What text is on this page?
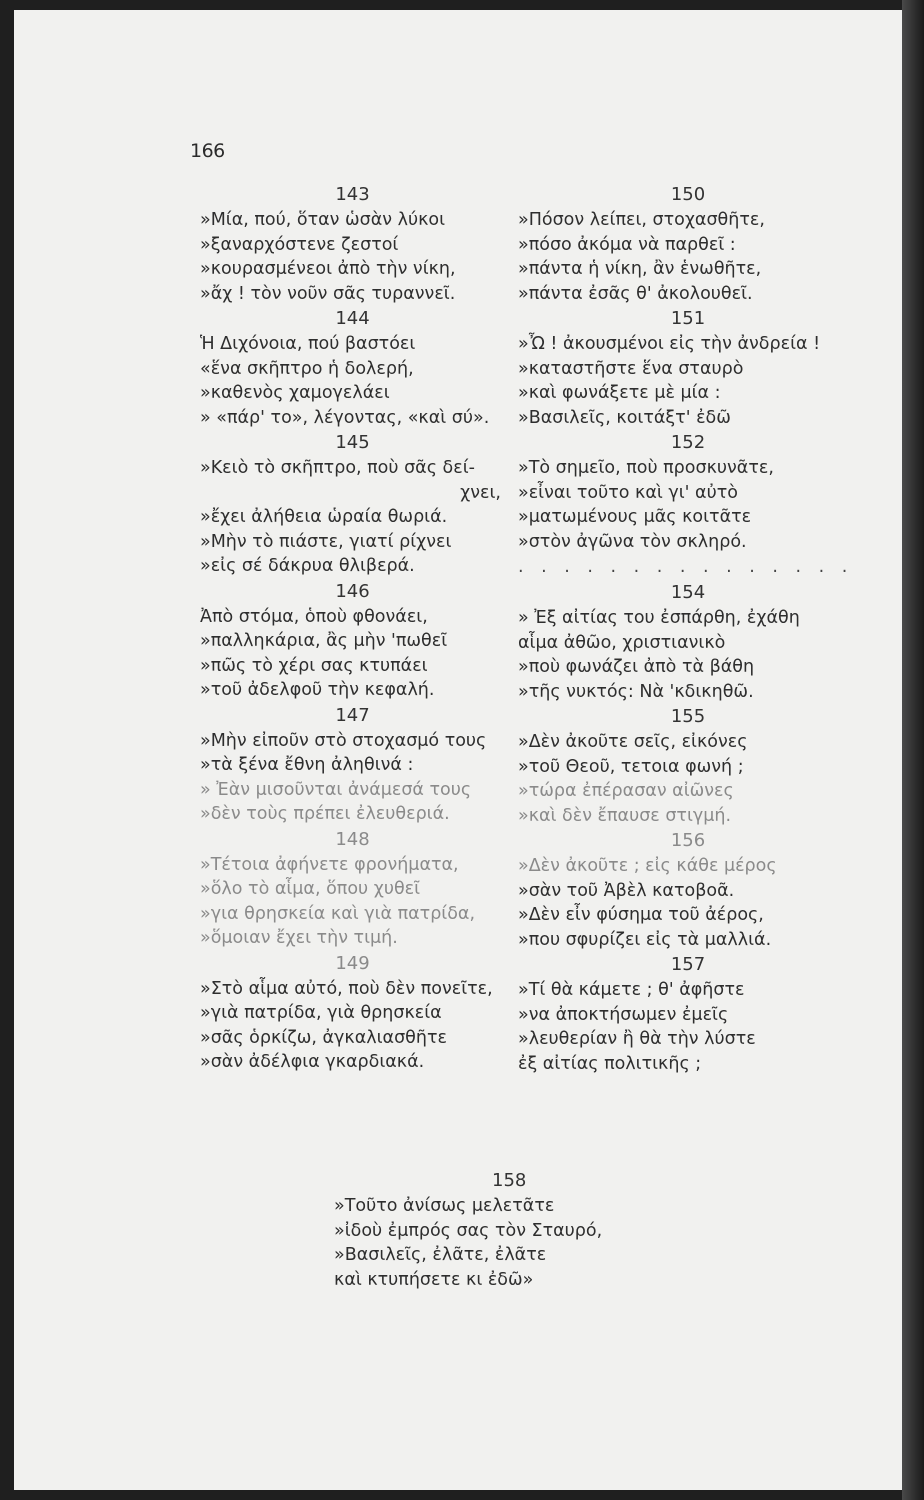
166
143
»Μία, πού, ὅταν ὡσὰν λύκοι
»ξαναρχόστενε ζεστοί
»κουρασμένεοι ἀπὸ τὴν νίκη,
»ἄχ ! τὸν νοῦν σᾶς τυραννεῖ.
144
Ἡ Διχόνοια, πού βαστόει
«ἕνα σκῆπτρο ἡ δολερή,
»καθενὸς χαμογελάει
» «πάρ' το», λέγοντας, «καὶ σύ».
145
»Κειὸ τὸ σκῆπτρο, ποὺ σᾶς δεί-
χνει,
»ἔχει ἀλήθεια ὡραία θωριά.
»Μὴν τὸ πιάστε, γιατί ρίχνει
»εἰς σέ δάκρυα θλιβερά.
146
Ἀπὸ στόμα, ὁποὺ φθονάει,
»παλληκάρια, ἂς μὴν 'πωθεῖ
»πῶς τὸ χέρι σας κτυπάει
»τοῦ ἀδελφοῦ τὴν κεφαλή.
147
»Μὴν εἰποῦν στὸ στοχασμό τους
»τὰ ξένα ἔθνη ἀληθινά :
» Ἐὰν μισοῦνται ἀνάμεσά τους
»δὲν τοὺς πρέπει ἐλευθεριά.
148
»Τέτοια ἀφήνετε φρονήματα,
»ὅλο τὸ αἷμα, ὅπου χυθεῖ
»για θρησκεία καὶ γιὰ πατρίδα,
»ὅμοιαν ἔχει τὴν τιμή.
149
»Στὸ αἷμα αὐτό, ποὺ δὲν πονεῖτε,
»γιὰ πατρίδα, γιὰ θρησκεία
»σᾶς ὁρκίζω, ἀγκαλιασθῆτε
»σὰν ἀδέλφια γκαρδιακά.
150
»Πόσον λείπει, στοχασθῆτε,
»πόσο ἀκόμα νὰ παρθεῖ :
»πάντα ἡ νίκη, ἂν ἑνωθῆτε,
»πάντα ἐσᾶς θ' ἀκολουθεῖ.
151
»Ὦ ! ἀκουσμένοι εἰς τὴν ἀνδρεία !
»καταστῆστε ἕνα σταυρὸ
»καὶ φωνάξετε μὲ μία :
»Βασιλεῖς, κοιτάξτ' ἐδῶ
152
»Τὸ σημεῖο, ποὺ προσκυνᾶτε,
»εἶναι τοῦτο καὶ γι' αὐτὸ
»ματωμένους μᾶς κοιτᾶτε
»στὸν ἀγῶνα τὸν σκληρό.
. . . . . . . . . . . . . . .
154
» Ἐξ αἰτίας του ἐσπάρθη, ἐχάθη
αἷμα ἀθῶο, χριστιανικὸ
»ποὺ φωνάζει ἀπὸ τὰ βάθη
»τῆς νυκτός: Νὰ 'κδικηθῶ.
155
»Δὲν ἀκοῦτε σεῖς, εἰκόνες
»τοῦ Θεοῦ, τετοια φωνή ;
»τώρα ἐπέρασαν αἰῶνες
»καὶ δὲν ἔπαυσε στιγμή.
156
»Δὲν ἀκοῦτε ; εἰς κάθε μέρος
»σὰν τοῦ Ἀβὲλ κατοβοᾶ.
»Δὲν εἶν φύσημα τοῦ ἀέρος,
»που σφυρίζει εἰς τὰ μαλλιά.
157
»Τί θὰ κάμετε ; θ' ἀφῆστε
»να ἀποκτήσωμεν ἐμεῖς
»λευθερίαν ἢ θὰ τὴν λύστε
ἐξ αἰτίας πολιτικῆς ;
158
»Τοῦτο ἀνίσως μελετᾶτε
»ἰδοὺ ἐμπρός σας τὸν Σταυρό,
»Βασιλεῖς, ἐλᾶτε, ἐλᾶτε
καὶ κτυπήσετε κι ἐδῶ»
